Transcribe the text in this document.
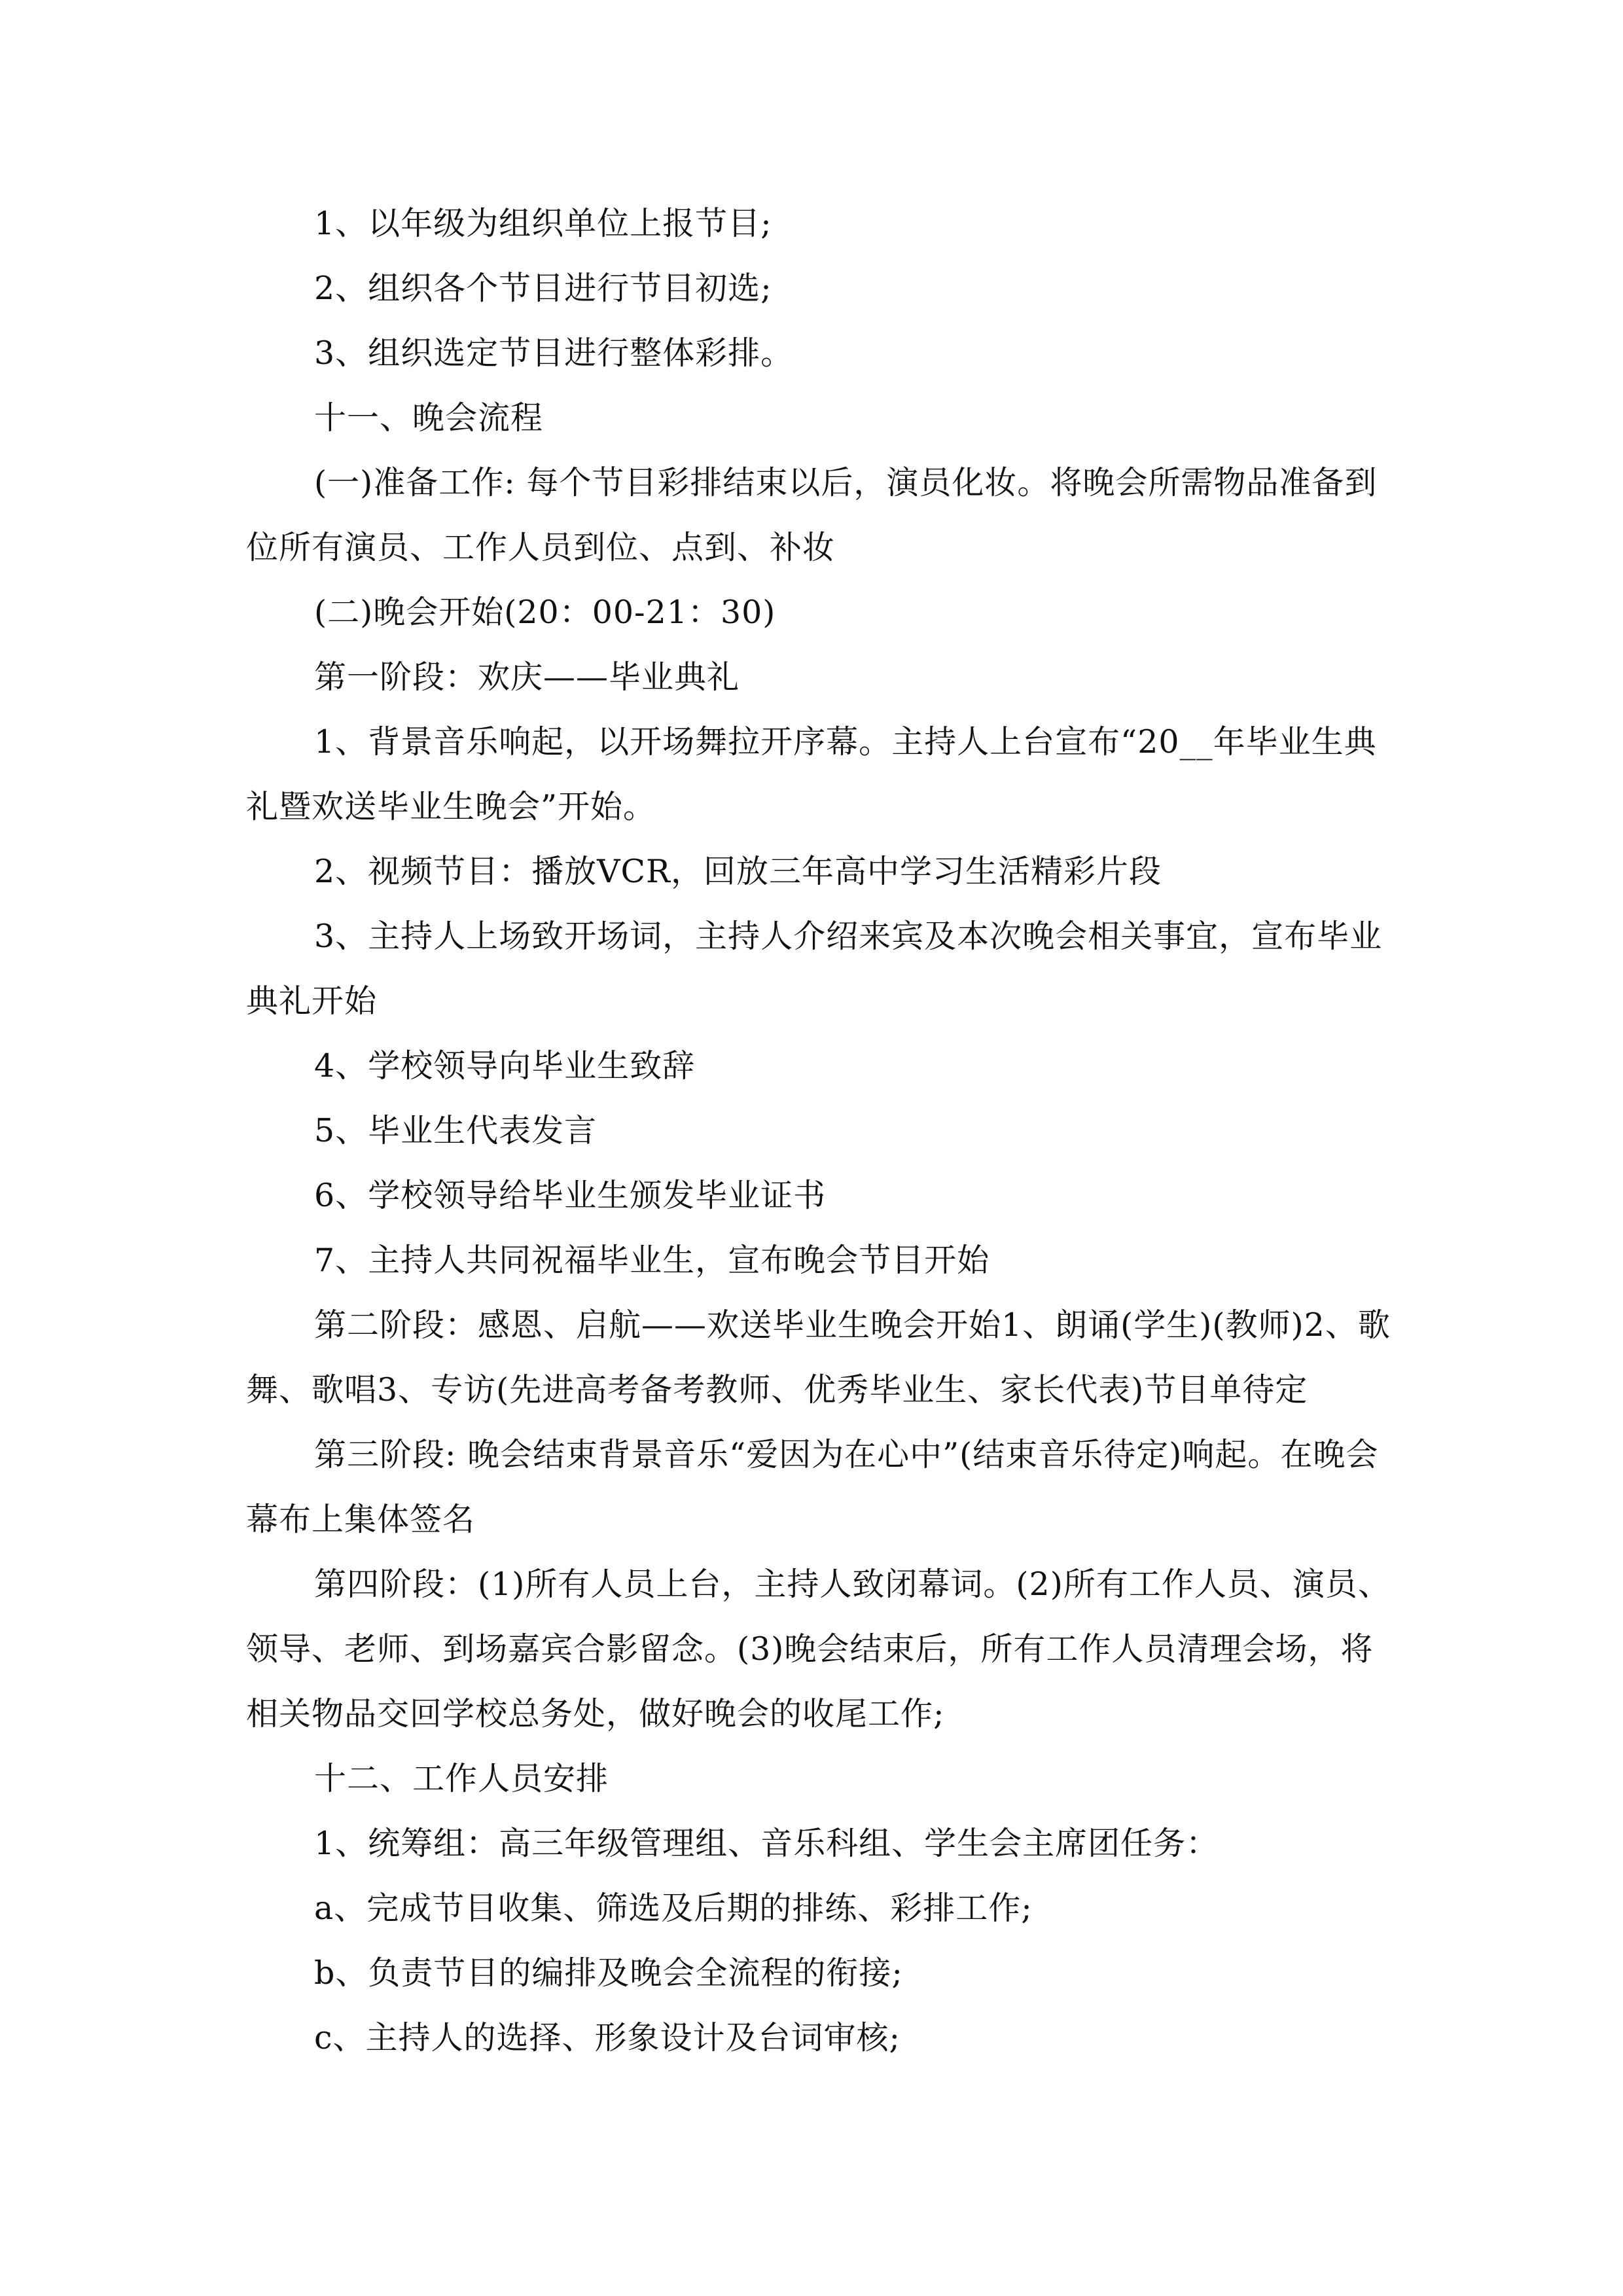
1、以年级为组织单位上报节目;

2、组织各个节目进行节目初选;

3、组织选定节目进行整体彩排。

十一、晚会流程

(一)准备工作: 每个节目彩排结束以后，演员化妆。将晚会所需物品准备到位所有演员、工作人员到位、点到、补妆

(二)晚会开始(20：00-21：30)

第一阶段：欢庆——毕业典礼

1、背景音乐响起，以开场舞拉开序幕。主持人上台宣布“20__年毕业生典礼暨欢送毕业生晚会”开始。

2、视频节目：播放VCR，回放三年高中学习生活精彩片段

3、主持人上场致开场词，主持人介绍来宾及本次晚会相关事宜，宣布毕业典礼开始

4、学校领导向毕业生致辞

5、毕业生代表发言

6、学校领导给毕业生颁发毕业证书

7、主持人共同祝福毕业生，宣布晚会节目开始

第二阶段：感恩、启航——欢送毕业生晚会开始1、朗诵(学生)(教师)2、歌舞、歌唱3、专访(先进高考备考教师、优秀毕业生、家长代表)节目单待定

第三阶段: 晚会结束背景音乐“爱因为在心中”(结束音乐待定)响起。在晚会幕布上集体签名

第四阶段：(1)所有人员上台，主持人致闭幕词。(2)所有工作人员、演员、领导、老师、到场嘉宾合影留念。(3)晚会结束后，所有工作人员清理会场，将相关物品交回学校总务处，做好晚会的收尾工作;

十二、工作人员安排

1、统筹组：高三年级管理组、音乐科组、学生会主席团任务：

a、完成节目收集、筛选及后期的排练、彩排工作;

b、负责节目的编排及晚会全流程的衔接;

c、主持人的选择、形象设计及台词审核;
